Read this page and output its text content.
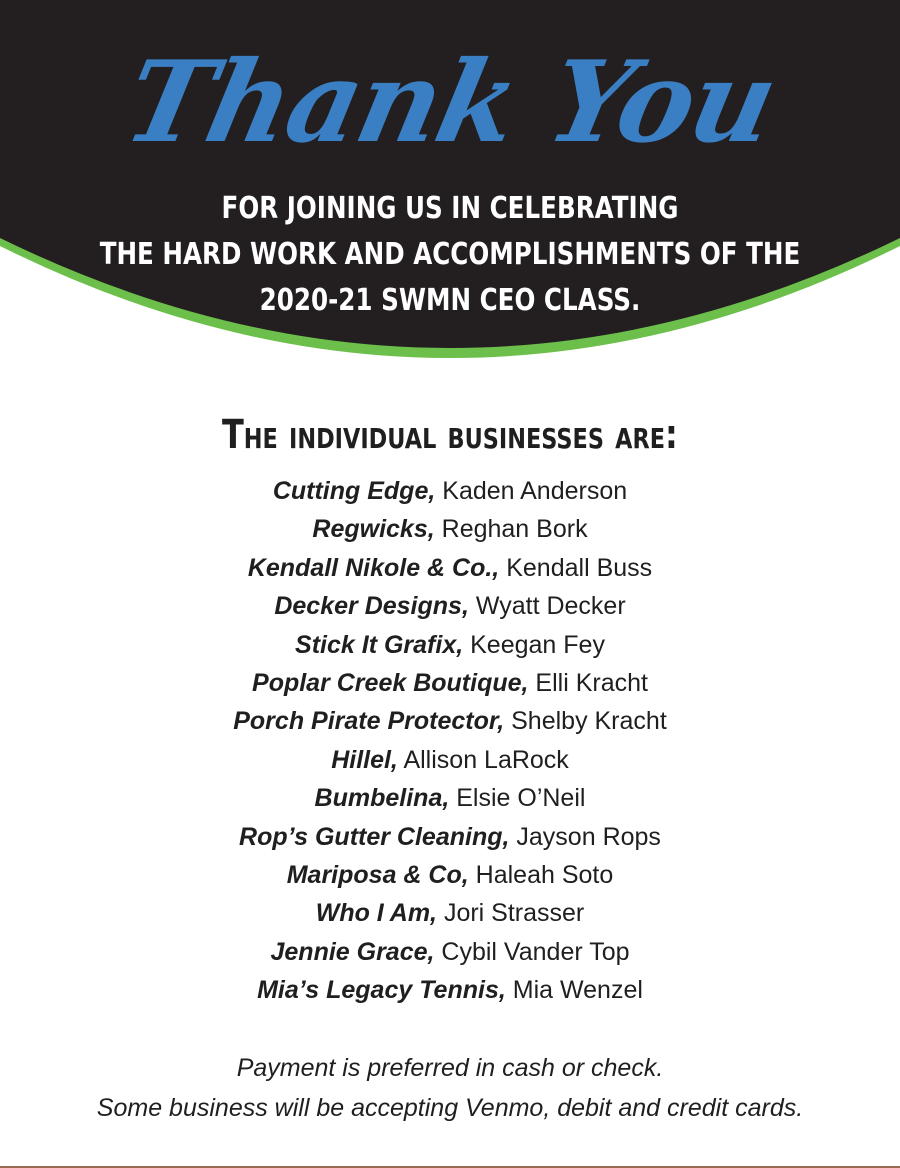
Thank You
FOR JOINING US IN CELEBRATING
THE HARD WORK AND ACCOMPLISHMENTS OF THE
2020-21 SWMN CEO CLASS.
The individual businesses are:
Cutting Edge, Kaden Anderson
Regwicks, Reghan Bork
Kendall Nikole & Co., Kendall Buss
Decker Designs, Wyatt Decker
Stick It Grafix, Keegan Fey
Poplar Creek Boutique, Elli Kracht
Porch Pirate Protector, Shelby Kracht
Hillel, Allison LaRock
Bumbelina, Elsie O’Neil
Rop’s Gutter Cleaning, Jayson Rops
Mariposa & Co, Haleah Soto
Who I Am, Jori Strasser
Jennie Grace, Cybil Vander Top
Mia’s Legacy Tennis, Mia Wenzel
Payment is preferred in cash or check.
Some business will be accepting Venmo, debit and credit cards.
